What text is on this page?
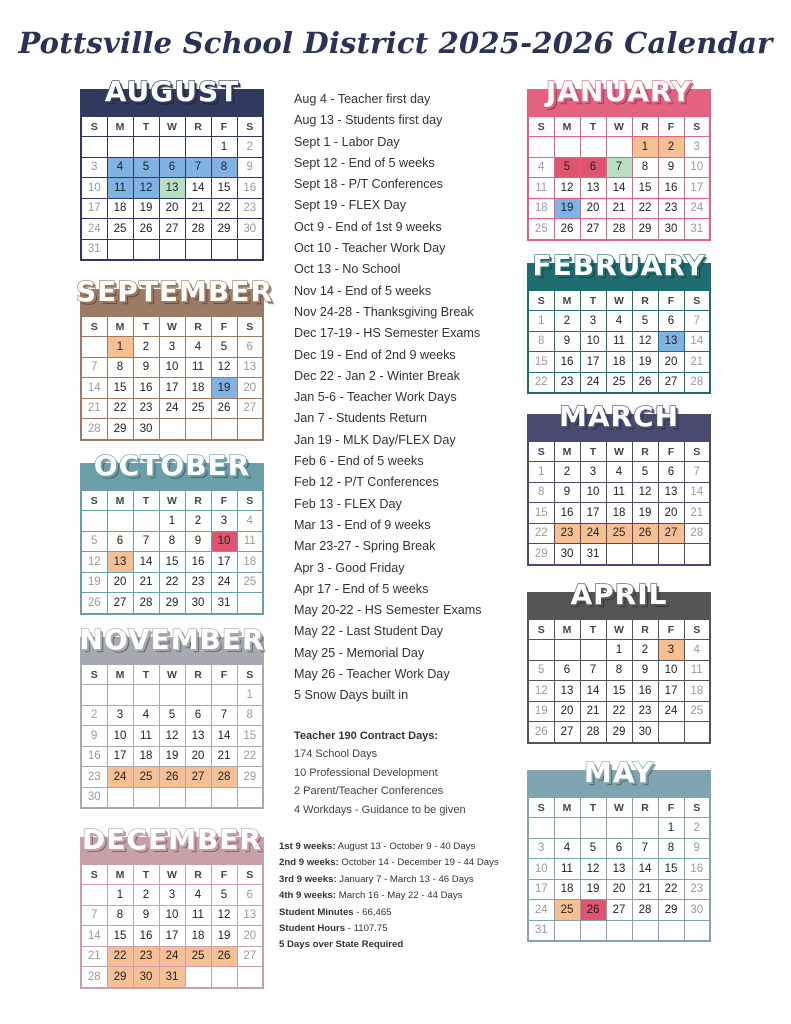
Pottsville School District 2025-2026 Calendar
AUGUST
S	M	T	W	R	F	S
					1	2
3	4	5	6	7	8	9
10	11	12	13	14	15	16
17	18	19	20	21	22	23
24	25	26	27	28	29	30
31						
SEPTEMBER
S	M	T	W	R	F	S
	1	2	3	4	5	6
7	8	9	10	11	12	13
14	15	16	17	18	19	20
21	22	23	24	25	26	27
28	29	30				
OCTOBER
S	M	T	W	R	F	S
			1	2	3	4
5	6	7	8	9	10	11
12	13	14	15	16	17	18
19	20	21	22	23	24	25
26	27	28	29	30	31	
NOVEMBER
S	M	T	W	R	F	S
						1
2	3	4	5	6	7	8
9	10	11	12	13	14	15
16	17	18	19	20	21	22
23	24	25	26	27	28	29
30						
DECEMBER
S	M	T	W	R	F	S
	1	2	3	4	5	6
7	8	9	10	11	12	13
14	15	16	17	18	19	20
21	22	23	24	25	26	27
28	29	30	31			
JANUARY
S	M	T	W	R	F	S
				1	2	3
4	5	6	7	8	9	10
11	12	13	14	15	16	17
18	19	20	21	22	23	24
25	26	27	28	29	30	31
FEBRUARY
S	M	T	W	R	F	S
1	2	3	4	5	6	7
8	9	10	11	12	13	14
15	16	17	18	19	20	21
22	23	24	25	26	27	28
MARCH
S	M	T	W	R	F	S
1	2	3	4	5	6	7
8	9	10	11	12	13	14
15	16	17	18	19	20	21
22	23	24	25	26	27	28
29	30	31				
APRIL
S	M	T	W	R	F	S
			1	2	3	4
5	6	7	8	9	10	11
12	13	14	15	16	17	18
19	20	21	22	23	24	25
26	27	28	29	30		
MAY
S	M	T	W	R	F	S
					1	2
3	4	5	6	7	8	9
10	11	12	13	14	15	16
17	18	19	20	21	22	23
24	25	26	27	28	29	30
31						
Aug 4 - Teacher first day
Aug 13 - Students first day
Sept 1 - Labor Day
Sept 12 - End of 5 weeks
Sept 18 - P/T Conferences
Sept 19 - FLEX Day
Oct 9 - End of 1st 9 weeks
Oct 10 - Teacher Work Day
Oct 13 - No School
Nov 14 - End of 5 weeks
Nov 24-28 - Thanksgiving Break
Dec 17-19 - HS Semester Exams
Dec 19 - End of 2nd 9 weeks
Dec 22 - Jan 2 - Winter Break
Jan 5-6 - Teacher Work Days
Jan 7 - Students Return
Jan 19 - MLK Day/FLEX Day
Feb 6 - End of 5 weeks
Feb 12 - P/T Conferences
Feb 13 - FLEX Day
Mar 13 - End of 9 weeks
Mar 23-27 - Spring Break
Apr 3 - Good Friday
Apr 17 - End of 5 weeks
May 20-22 - HS Semester Exams
May 22 - Last Student Day
May 25 - Memorial Day
May 26 - Teacher Work Day
5 Snow Days built in
Teacher 190 Contract Days:
174 School Days
10 Professional Development
2 Parent/Teacher Conferences
4 Workdays - Guidance to be given
1st 9 weeks: August 13 - October 9 - 40 Days
2nd 9 weeks: October 14 - December 19 - 44 Days
3rd 9 weeks: January 7 - March 13 - 46 Days
4th 9 weeks: March 16 - May 22 - 44 Days
Student Minutes - 66,465
Student Hours - 1107.75
5 Days over State Required
